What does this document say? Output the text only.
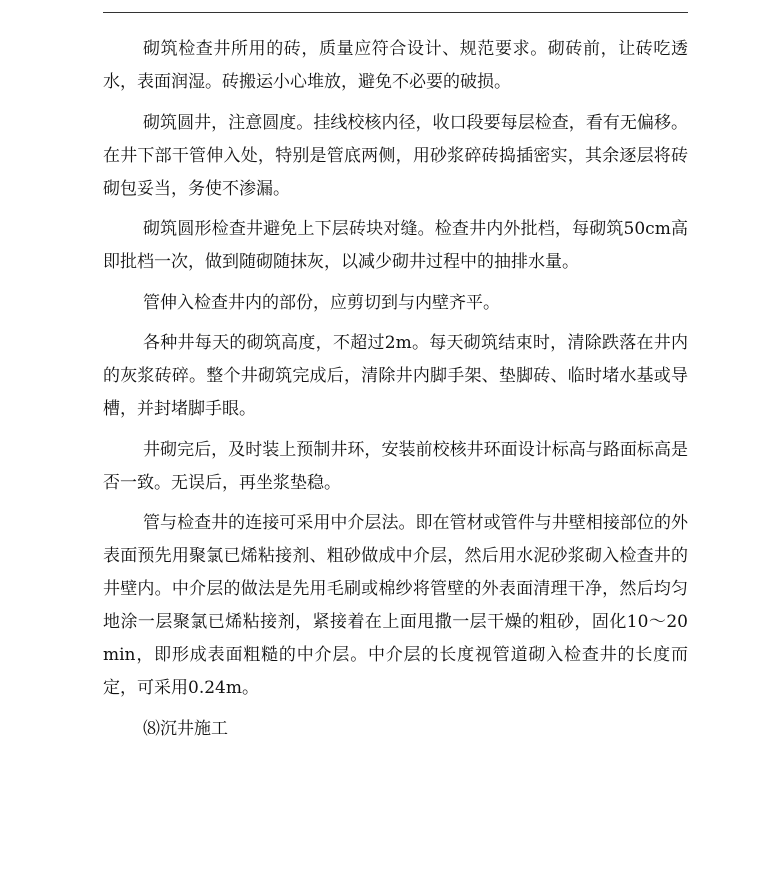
砌筑检查井所用的砖，质量应符合设计、规范要求。砌砖前，让砖吃透水，表面润湿。砖搬运小心堆放，避免不必要的破损。

砌筑圆井，注意圆度。挂线校核内径，收口段要每层检查，看有无偏移。在井下部干管伸入处，特别是管底两侧，用砂浆碎砖捣插密实，其余逐层将砖砌包妥当，务使不渗漏。

砌筑圆形检查井避免上下层砖块对缝。检查井内外批档，每砌筑50cm高即批档一次，做到随砌随抹灰，以减少砌井过程中的抽排水量。

管伸入检查井内的部份，应剪切到与内壁齐平。

各种井每天的砌筑高度，不超过2m。每天砌筑结束时，清除跌落在井内的灰浆砖碎。整个井砌筑完成后，清除井内脚手架、垫脚砖、临时堵水基或导槽，并封堵脚手眼。

井砌完后，及时装上预制井环，安装前校核井环面设计标高与路面标高是否一致。无误后，再坐浆垫稳。

管与检查井的连接可采用中介层法。即在管材或管件与井壁相接部位的外表面预先用聚氯已烯粘接剂、粗砂做成中介层，然后用水泥砂浆砌入检查井的井壁内。中介层的做法是先用毛刷或棉纱将管壁的外表面清理干净，然后均匀地涂一层聚氯已烯粘接剂，紧接着在上面甩撒一层干燥的粗砂，固化10～20min，即形成表面粗糙的中介层。中介层的长度视管道砌入检查井的长度而定，可采用0.24m。

⑻沉井施工
